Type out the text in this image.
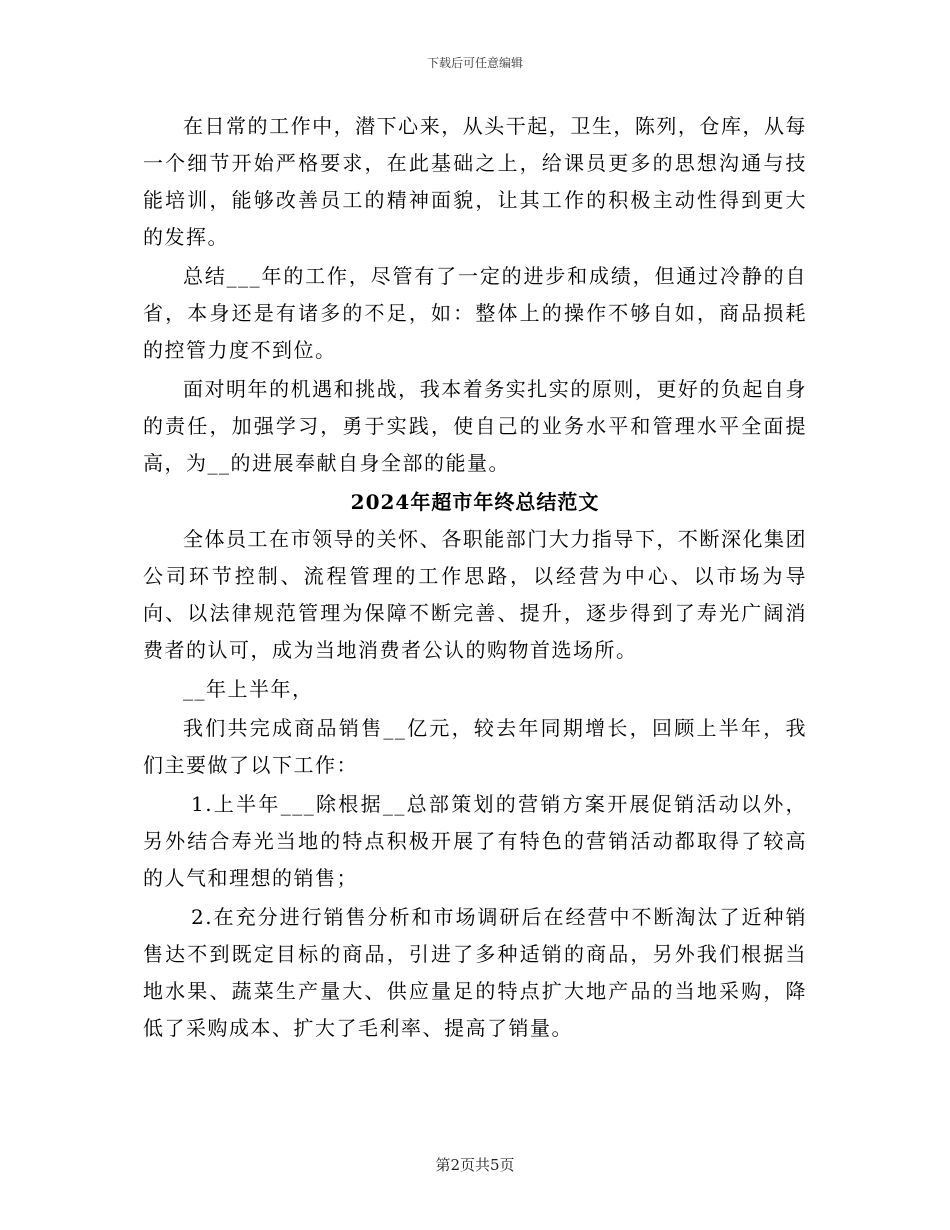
下载后可任意编辑

在日常的工作中，潜下心来，从头干起，卫生，陈列，仓库，从每一个细节开始严格要求，在此基础之上，给课员更多的思想沟通与技能培训，能够改善员工的精神面貌，让其工作的积极主动性得到更大的发挥。

总结___年的工作，尽管有了一定的进步和成绩，但通过冷静的自省，本身还是有诸多的不足，如：整体上的操作不够自如，商品损耗的控管力度不到位。

面对明年的机遇和挑战，我本着务实扎实的原则，更好的负起自身的责任，加强学习，勇于实践，使自己的业务水平和管理水平全面提高，为__的进展奉献自身全部的能量。

2024年超市年终总结范文

全体员工在市领导的关怀、各职能部门大力指导下，不断深化集团公司环节控制、流程管理的工作思路，以经营为中心、以市场为导向、以法律规范管理为保障不断完善、提升，逐步得到了寿光广阔消费者的认可，成为当地消费者公认的购物首选场所。

__年上半年，

我们共完成商品销售__亿元，较去年同期增长，回顾上半年，我们主要做了以下工作：

1.上半年___除根据__总部策划的营销方案开展促销活动以外，另外结合寿光当地的特点积极开展了有特色的营销活动都取得了较高的人气和理想的销售；

2.在充分进行销售分析和市场调研后在经营中不断淘汰了近种销售达不到既定目标的商品，引进了多种适销的商品，另外我们根据当地水果、蔬菜生产量大、供应量足的特点扩大地产品的当地采购，降低了采购成本、扩大了毛利率、提高了销量。

第2页共5页
